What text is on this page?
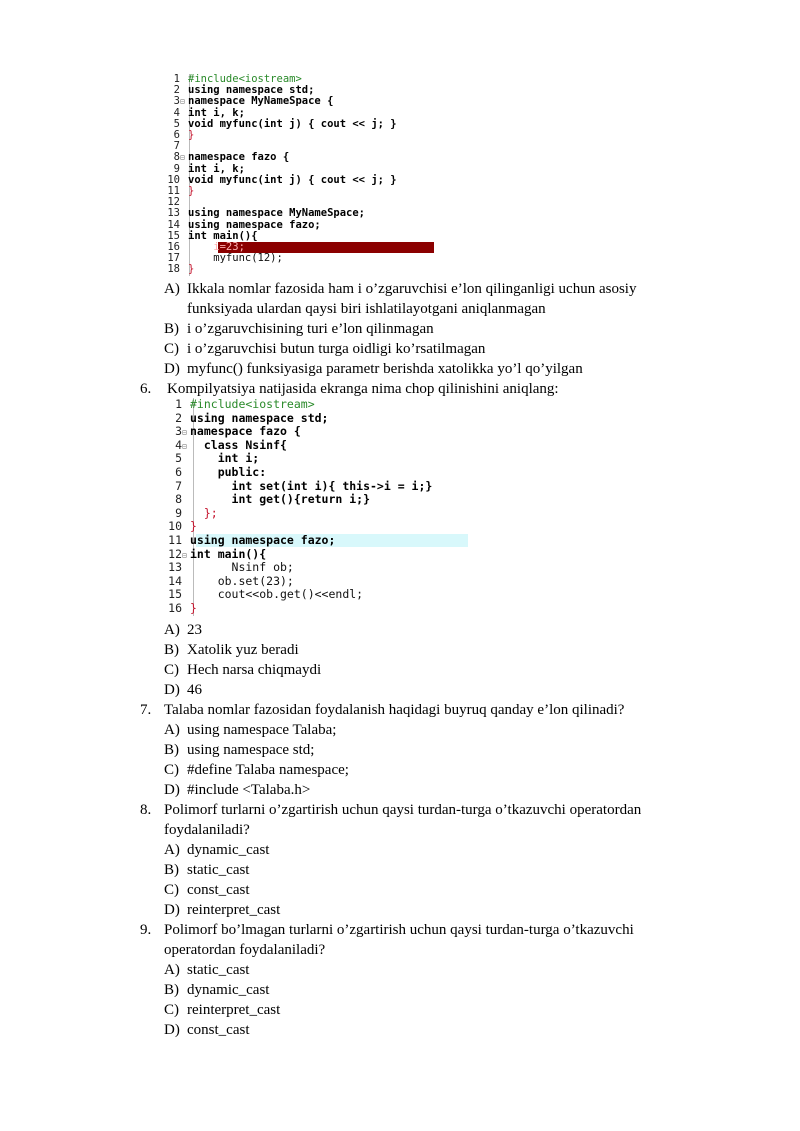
1 #include<iostream>
2 using namespace std;
3⊟ namespace MyNameSpace {
4 int i, k;
5 void myfunc(int j) { cout << j; }
6 }
7
8⊟ namespace fazo {
9 int i, k;
10 void myfunc(int j) { cout << j; }
11 }
12
13 using namespace MyNameSpace;
14 using namespace fazo;
15 int main(){
16    i=23;
17    myfunc(12);
18 }
A) Ikkala nomlar fazosida ham i o’zgaruvchisi e’lon qilinganligi uchun asosiy
funksiyada ulardan qaysi biri ishlatilayotgani aniqlanmagan
B) i o’zgaruvchisining turi e’lon qilinmagan
C) i o’zgaruvchisi butun turga oidligi ko’rsatilmagan
D) myfunc() funksiyasiga parametr berishda xatolikka yo’l qo’yilgan
6.	Kompilyatsiya natijasida ekranga nima chop qilinishini aniqlang:
1 #include<iostream>
2 using namespace std;
3⊟ namespace fazo {
4⊟  class Nsinf{
5    int i;
6    public:
7      int set(int i){ this->i = i;}
8      int get(){return i;}
9  };
10 }
11 using namespace fazo;
12⊟ int main(){
13      Nsinf ob;
14    ob.set(23);
15    cout<<ob.get()<<endl;
16 }
A) 23
B) Xatolik yuz beradi
C) Hech narsa chiqmaydi
D) 46
7. Talaba nomlar fazosidan foydalanish haqidagi buyruq qanday e’lon qilinadi?
A) using namespace Talaba;
B) using namespace std;
C) #define Talaba namespace;
D) #include <Talaba.h>
8. Polimorf turlarni o’zgartirish uchun qaysi turdan-turga o’tkazuvchi operatordan
foydalaniladi?
A) dynamic_cast
B) static_cast
C) const_cast
D) reinterpret_cast
9. Polimorf bo’lmagan turlarni o’zgartirish uchun qaysi turdan-turga o’tkazuvchi
operatordan foydalaniladi?
A) static_cast
B) dynamic_cast
C) reinterpret_cast
D) const_cast
